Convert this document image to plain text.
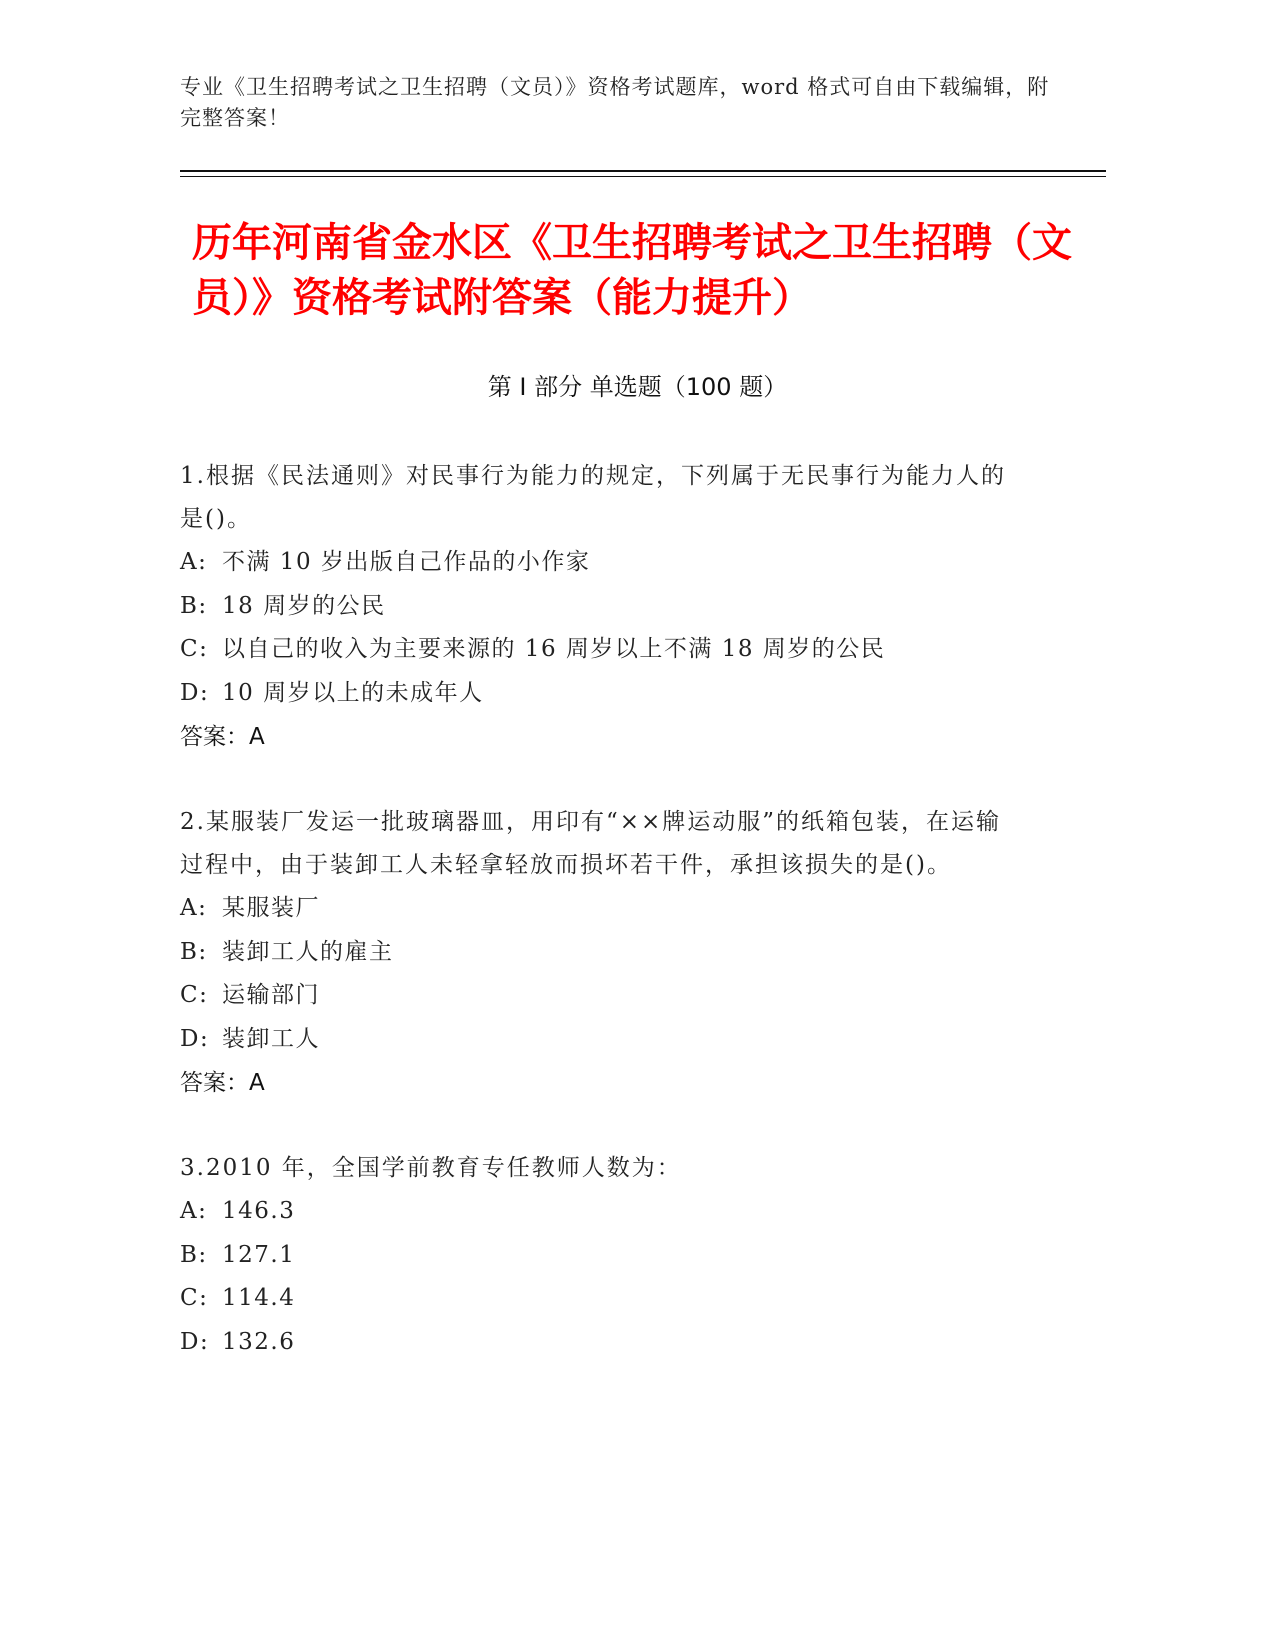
专业《卫生招聘考试之卫生招聘（文员）》资格考试题库，word 格式可自由下载编辑，附完整答案！
历年河南省金水区《卫生招聘考试之卫生招聘（文员）》资格考试附答案（能力提升）
第 I 部分 单选题（100 题）
1.根据《民法通则》对民事行为能力的规定，下列属于无民事行为能力人的是()。
A: 不满 10 岁出版自己作品的小作家
B: 18 周岁的公民
C: 以自己的收入为主要来源的 16 周岁以上不满 18 周岁的公民
D: 10 周岁以上的未成年人
答案：A
2.某服装厂发运一批玻璃器皿，用印有“××牌运动服”的纸箱包装，在运输过程中，由于装卸工人未轻拿轻放而损坏若干件，承担该损失的是()。
A: 某服装厂
B: 装卸工人的雇主
C: 运输部门
D: 装卸工人
答案：A
3.2010 年，全国学前教育专任教师人数为：
A: 146.3
B: 127.1
C: 114.4
D: 132.6
